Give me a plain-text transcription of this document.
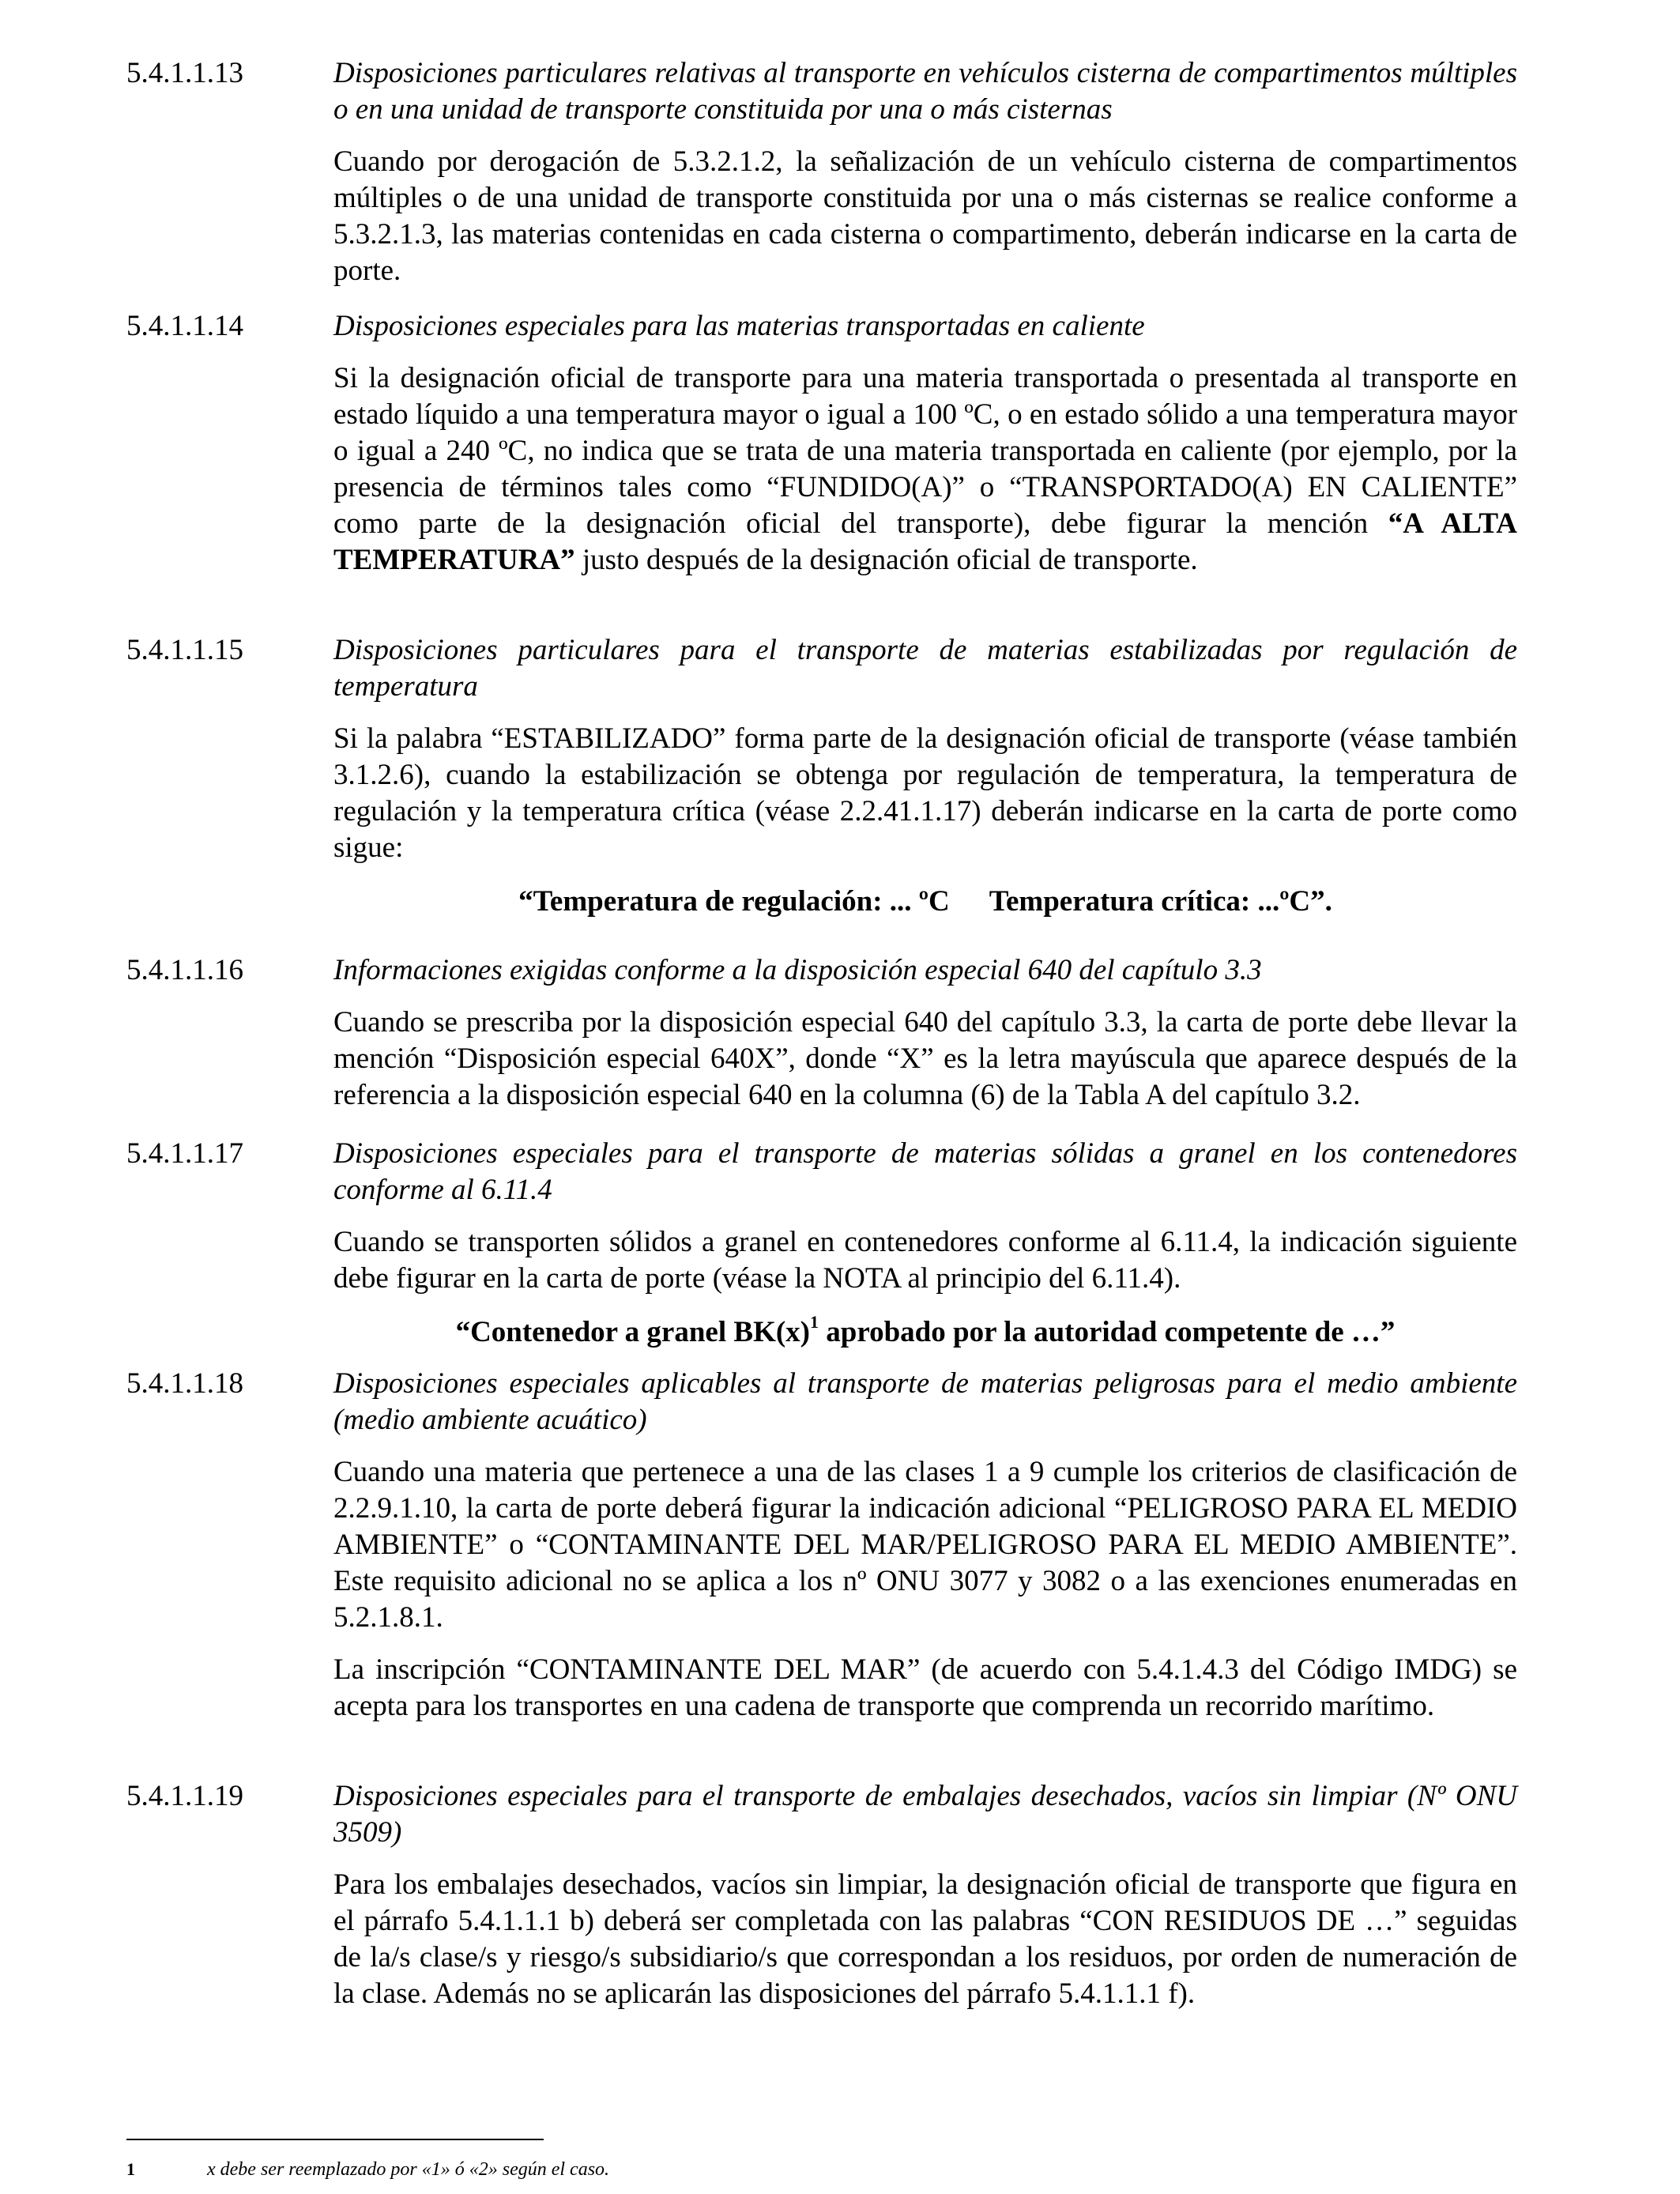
5.4.1.1.13	Disposiciones particulares relativas al transporte en vehículos cisterna de compartimentos múltiples o en una unidad de transporte constituida por una o más cisternas

Cuando por derogación de 5.3.2.1.2, la señalización de un vehículo cisterna de compartimentos múltiples o de una unidad de transporte constituida por una o más cisternas se realice conforme a 5.3.2.1.3, las materias contenidas en cada cisterna o compartimento, deberán indicarse en la carta de porte.

5.4.1.1.14	Disposiciones especiales para las materias transportadas en caliente

Si la designación oficial de transporte para una materia transportada o presentada al transporte en estado líquido a una temperatura mayor o igual a 100 ºC, o en estado sólido a una temperatura mayor o igual a 240 ºC, no indica que se trata de una materia transportada en caliente (por ejemplo, por la presencia de términos tales como “FUNDIDO(A)” o “TRANSPORTADO(A) EN CALIENTE” como parte de la designación oficial del transporte), debe figurar la mención “A ALTA TEMPERATURA” justo después de la designación oficial de transporte.

5.4.1.1.15	Disposiciones particulares para el transporte de materias estabilizadas por regulación de temperatura

Si la palabra “ESTABILIZADO” forma parte de la designación oficial de transporte (véase también 3.1.2.6), cuando la estabilización se obtenga por regulación de temperatura, la temperatura de regulación y la temperatura crítica (véase 2.2.41.1.17) deberán indicarse en la carta de porte como sigue:

“Temperatura de regulación: ... ºC Temperatura crítica: ...ºC”.

5.4.1.1.16	Informaciones exigidas conforme a la disposición especial 640 del capítulo 3.3

Cuando se prescriba por la disposición especial 640 del capítulo 3.3, la carta de porte debe llevar la mención “Disposición especial 640X”, donde “X” es la letra mayúscula que aparece después de la referencia a la disposición especial 640 en la columna (6) de la Tabla A del capítulo 3.2.

5.4.1.1.17	Disposiciones especiales para el transporte de materias sólidas a granel en los contenedores conforme al 6.11.4

Cuando se transporten sólidos a granel en contenedores conforme al 6.11.4, la indicación siguiente debe figurar en la carta de porte (véase la NOTA al principio del 6.11.4).

“Contenedor a granel $BK(x)^1$ aprobado por la autoridad competente de …”

5.4.1.1.18	Disposiciones especiales aplicables al transporte de materias peligrosas para el medio ambiente (medio ambiente acuático)

Cuando una materia que pertenece a una de las clases 1 a 9 cumple los criterios de clasificación de 2.2.9.1.10, la carta de porte deberá figurar la indicación adicional “PELIGROSO PARA EL MEDIO AMBIENTE” o “CONTAMINANTE DEL MAR/PELIGROSO PARA EL MEDIO AMBIENTE”. Este requisito adicional no se aplica a los nº ONU 3077 y 3082 o a las exenciones enumeradas en 5.2.1.8.1.

La inscripción “CONTAMINANTE DEL MAR” (de acuerdo con 5.4.1.4.3 del Código IMDG) se acepta para los transportes en una cadena de transporte que comprenda un recorrido marítimo.

5.4.1.1.19	Disposiciones especiales para el transporte de embalajes desechados, vacíos sin limpiar (Nº ONU 3509)

Para los embalajes desechados, vacíos sin limpiar, la designación oficial de transporte que figura en el párrafo 5.4.1.1.1 b) deberá ser completada con las palabras “CON RESIDUOS DE …” seguidas de la/s clase/s y riesgo/s subsidiario/s que correspondan a los residuos, por orden de numeración de la clase. Además no se aplicarán las disposiciones del párrafo 5.4.1.1.1 f).

1	x debe ser reemplazado por «1» ó «2» según el caso.
